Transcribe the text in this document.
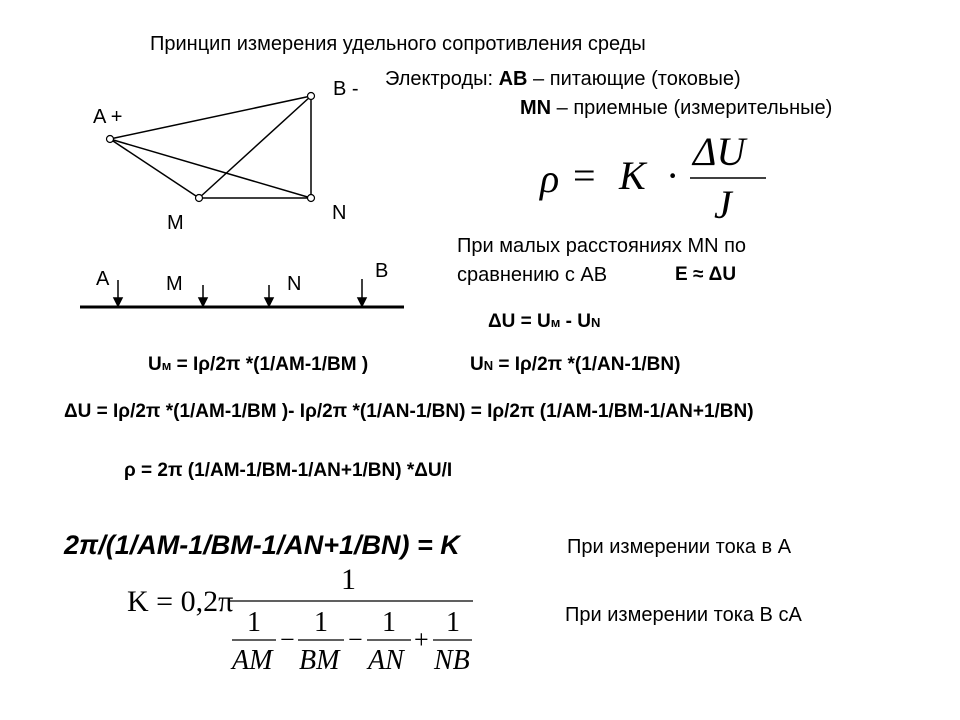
Принцип измерения удельного сопротивления среды
A +
B -
M	N
A	M	N
B
Электроды: АВ – питающие (токовые)
MN – приемные (измерительные)
ρ = K ·
ΔU
J
При малых расстояниях MN по
сравнению с АВ	E ≈ ΔU
ΔU = Uм - UN
Uм = Iρ/2π *(1/AM-1/BM )	UN = Iρ/2π *(1/AN-1/BN)
ΔU = Iρ/2π *(1/AM-1/BM )- Iρ/2π *(1/AN-1/BN) = Iρ/2π (1/AM-1/BM-1/AN+1/BN)
ρ = 2π (1/AM-1/BM-1/AN+1/BN) *ΔU/I
2π/(1/AM-1/BM-1/AN+1/BN) = K	При измерении тока в А
При измерении тока В сА
K = 0,2π
1
1
AM
−
1
BM
−
1
AN
+
1
NB
